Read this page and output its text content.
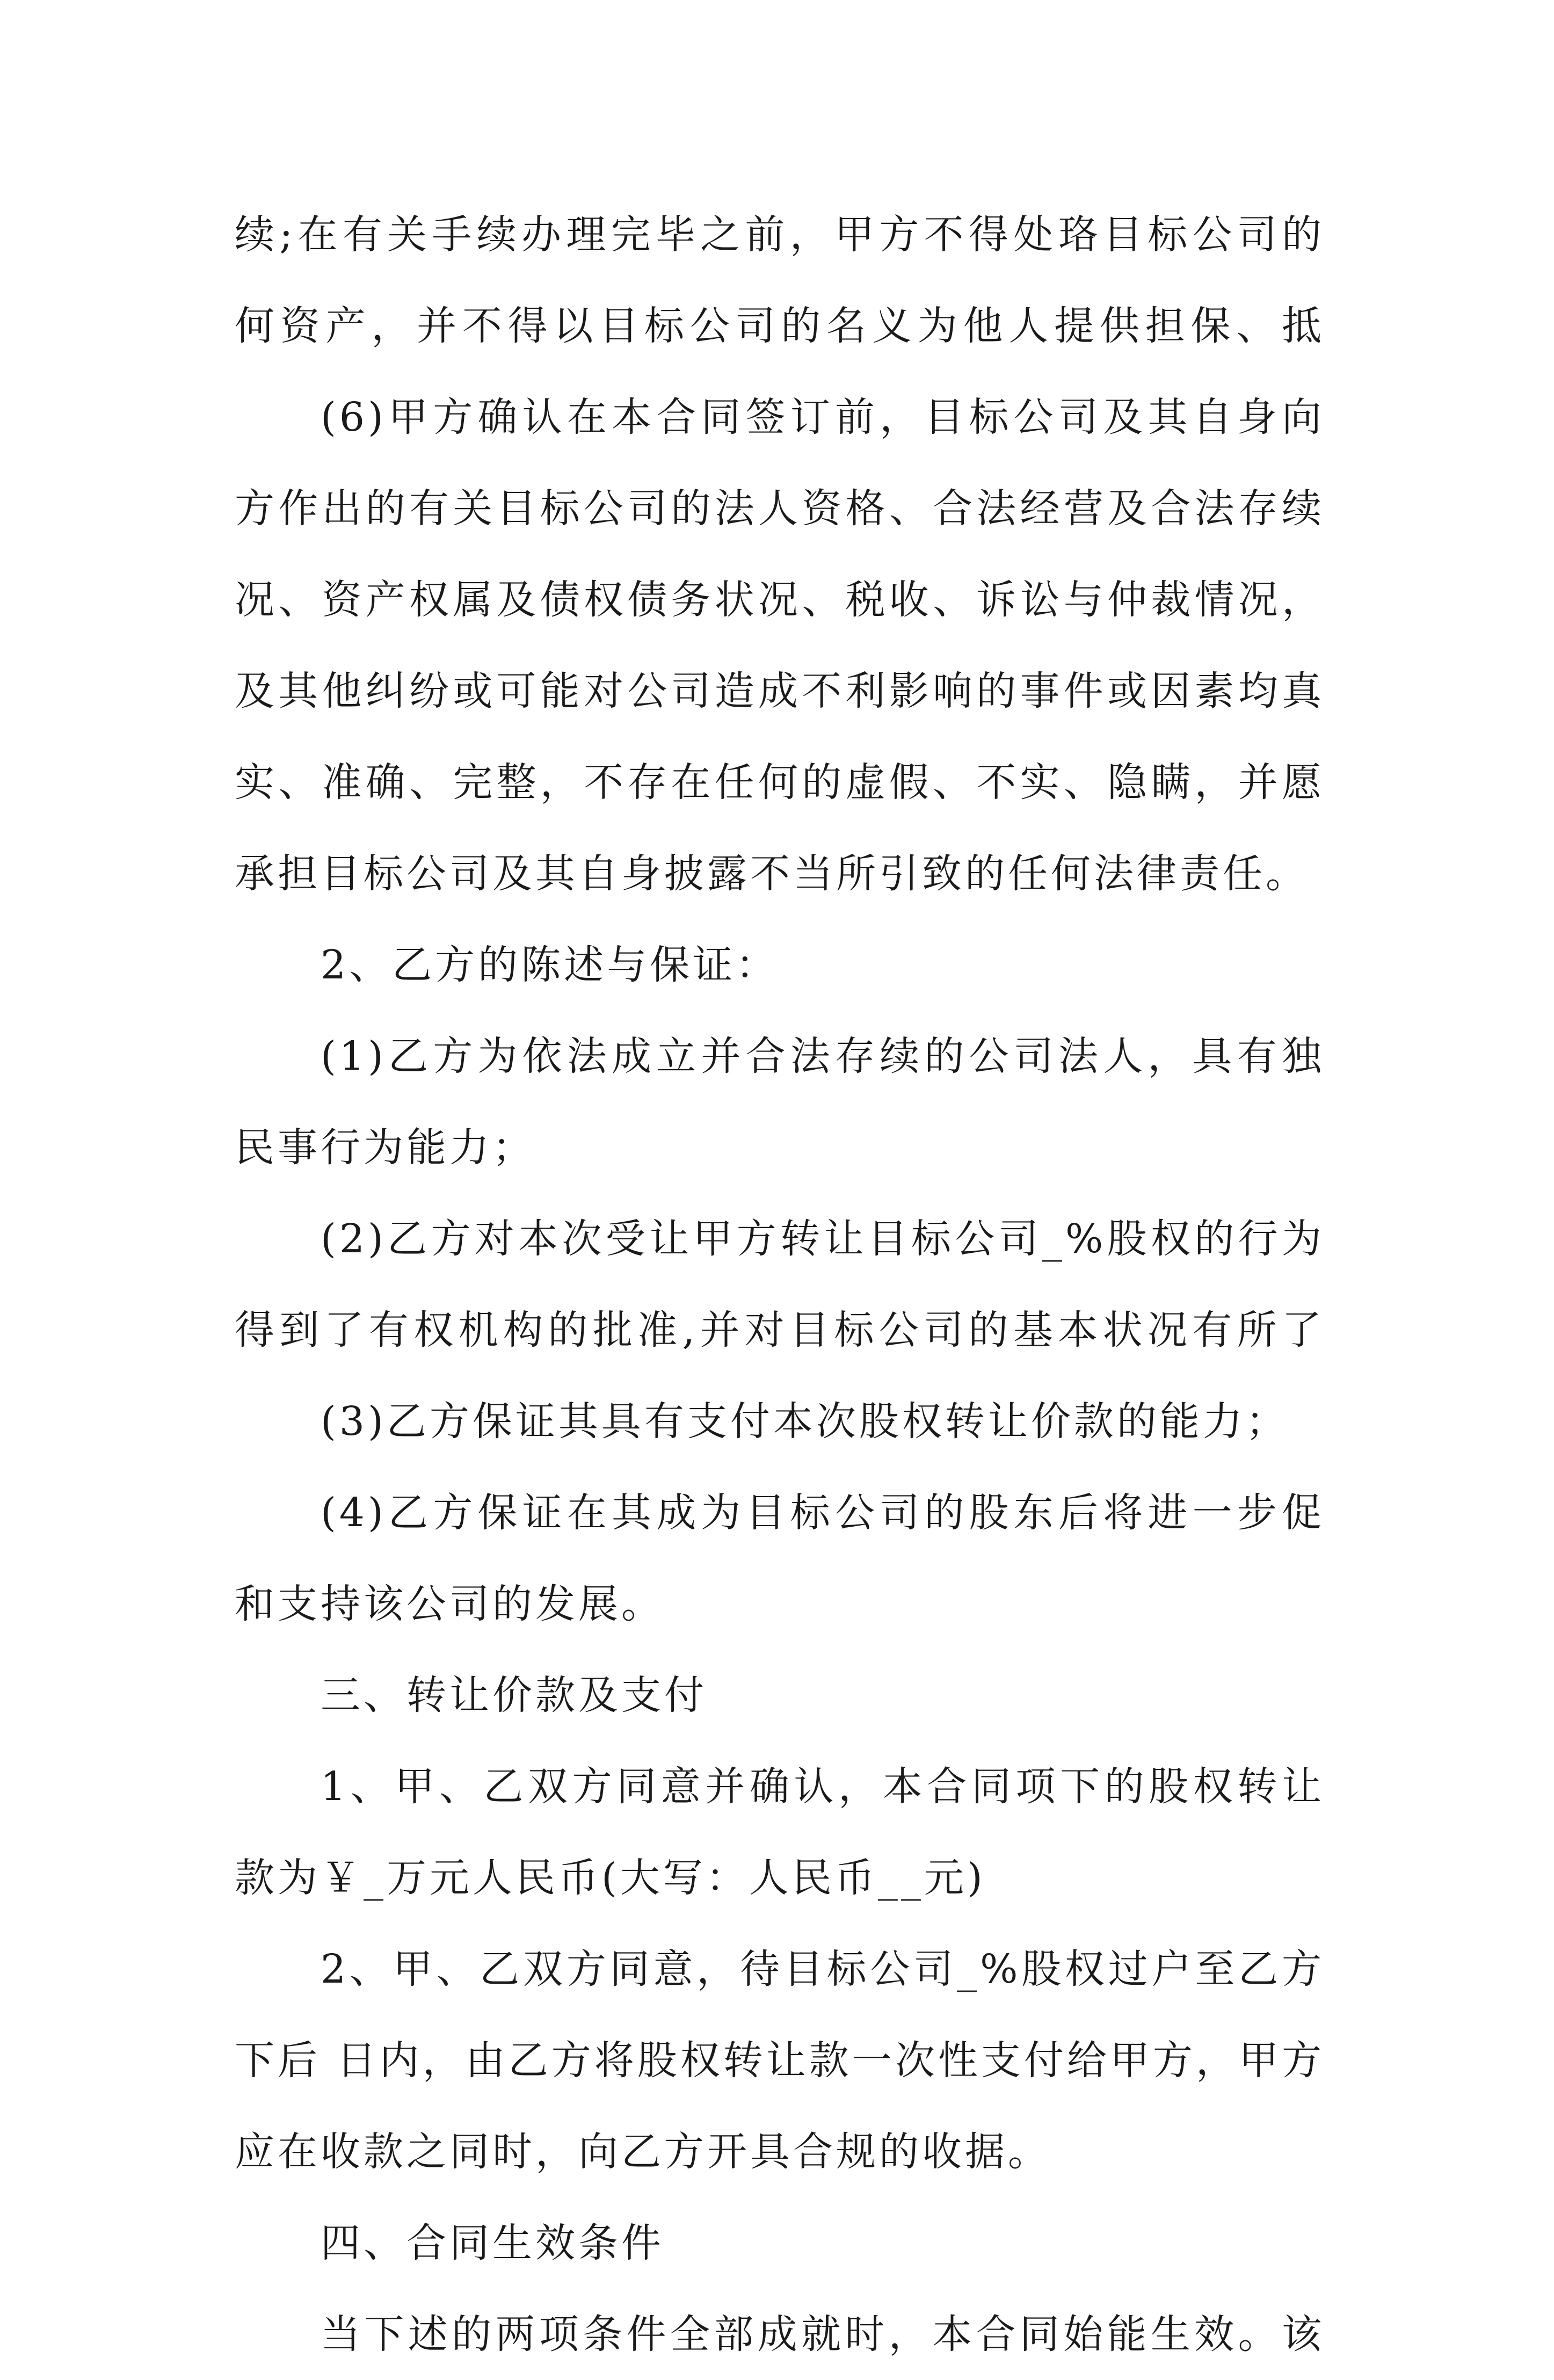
续;在有关手续办理完毕之前，甲方不得处珞目标公司的
何资产，并不得以目标公司的名义为他人提供担保、抵
(6)甲方确认在本合同签订前，目标公司及其自身向
方作出的有关目标公司的法人资格、合法经营及合法存续
况、资产权属及债权债务状况、税收、诉讼与仲裁情况，
及其他纠纷或可能对公司造成不利影响的事件或因素均真
实、准确、完整，不存在任何的虚假、不实、隐瞒，并愿
承担目标公司及其自身披露不当所引致的任何法律责任。
2、乙方的陈述与保证：
(1)乙方为依法成立并合法存续的公司法人，具有独
民事行为能力；
(2)乙方对本次受让甲方转让目标公司_%股权的行为
得到了有权机构的批准,并对目标公司的基本状况有所了
(3)乙方保证其具有支付本次股权转让价款的能力；
(4)乙方保证在其成为目标公司的股东后将进一步促
和支持该公司的发展。
三、转让价款及支付
1、甲、乙双方同意并确认，本合同项下的股权转让
款为￥_万元人民币(大写：人民币__元)
2、甲、乙双方同意，待目标公司_%股权过户至乙方
下后 日内，由乙方将股权转让款一次性支付给甲方，甲方
应在收款之同时，向乙方开具合规的收据。
四、合同生效条件
当下述的两项条件全部成就时，本合同始能生效。该
